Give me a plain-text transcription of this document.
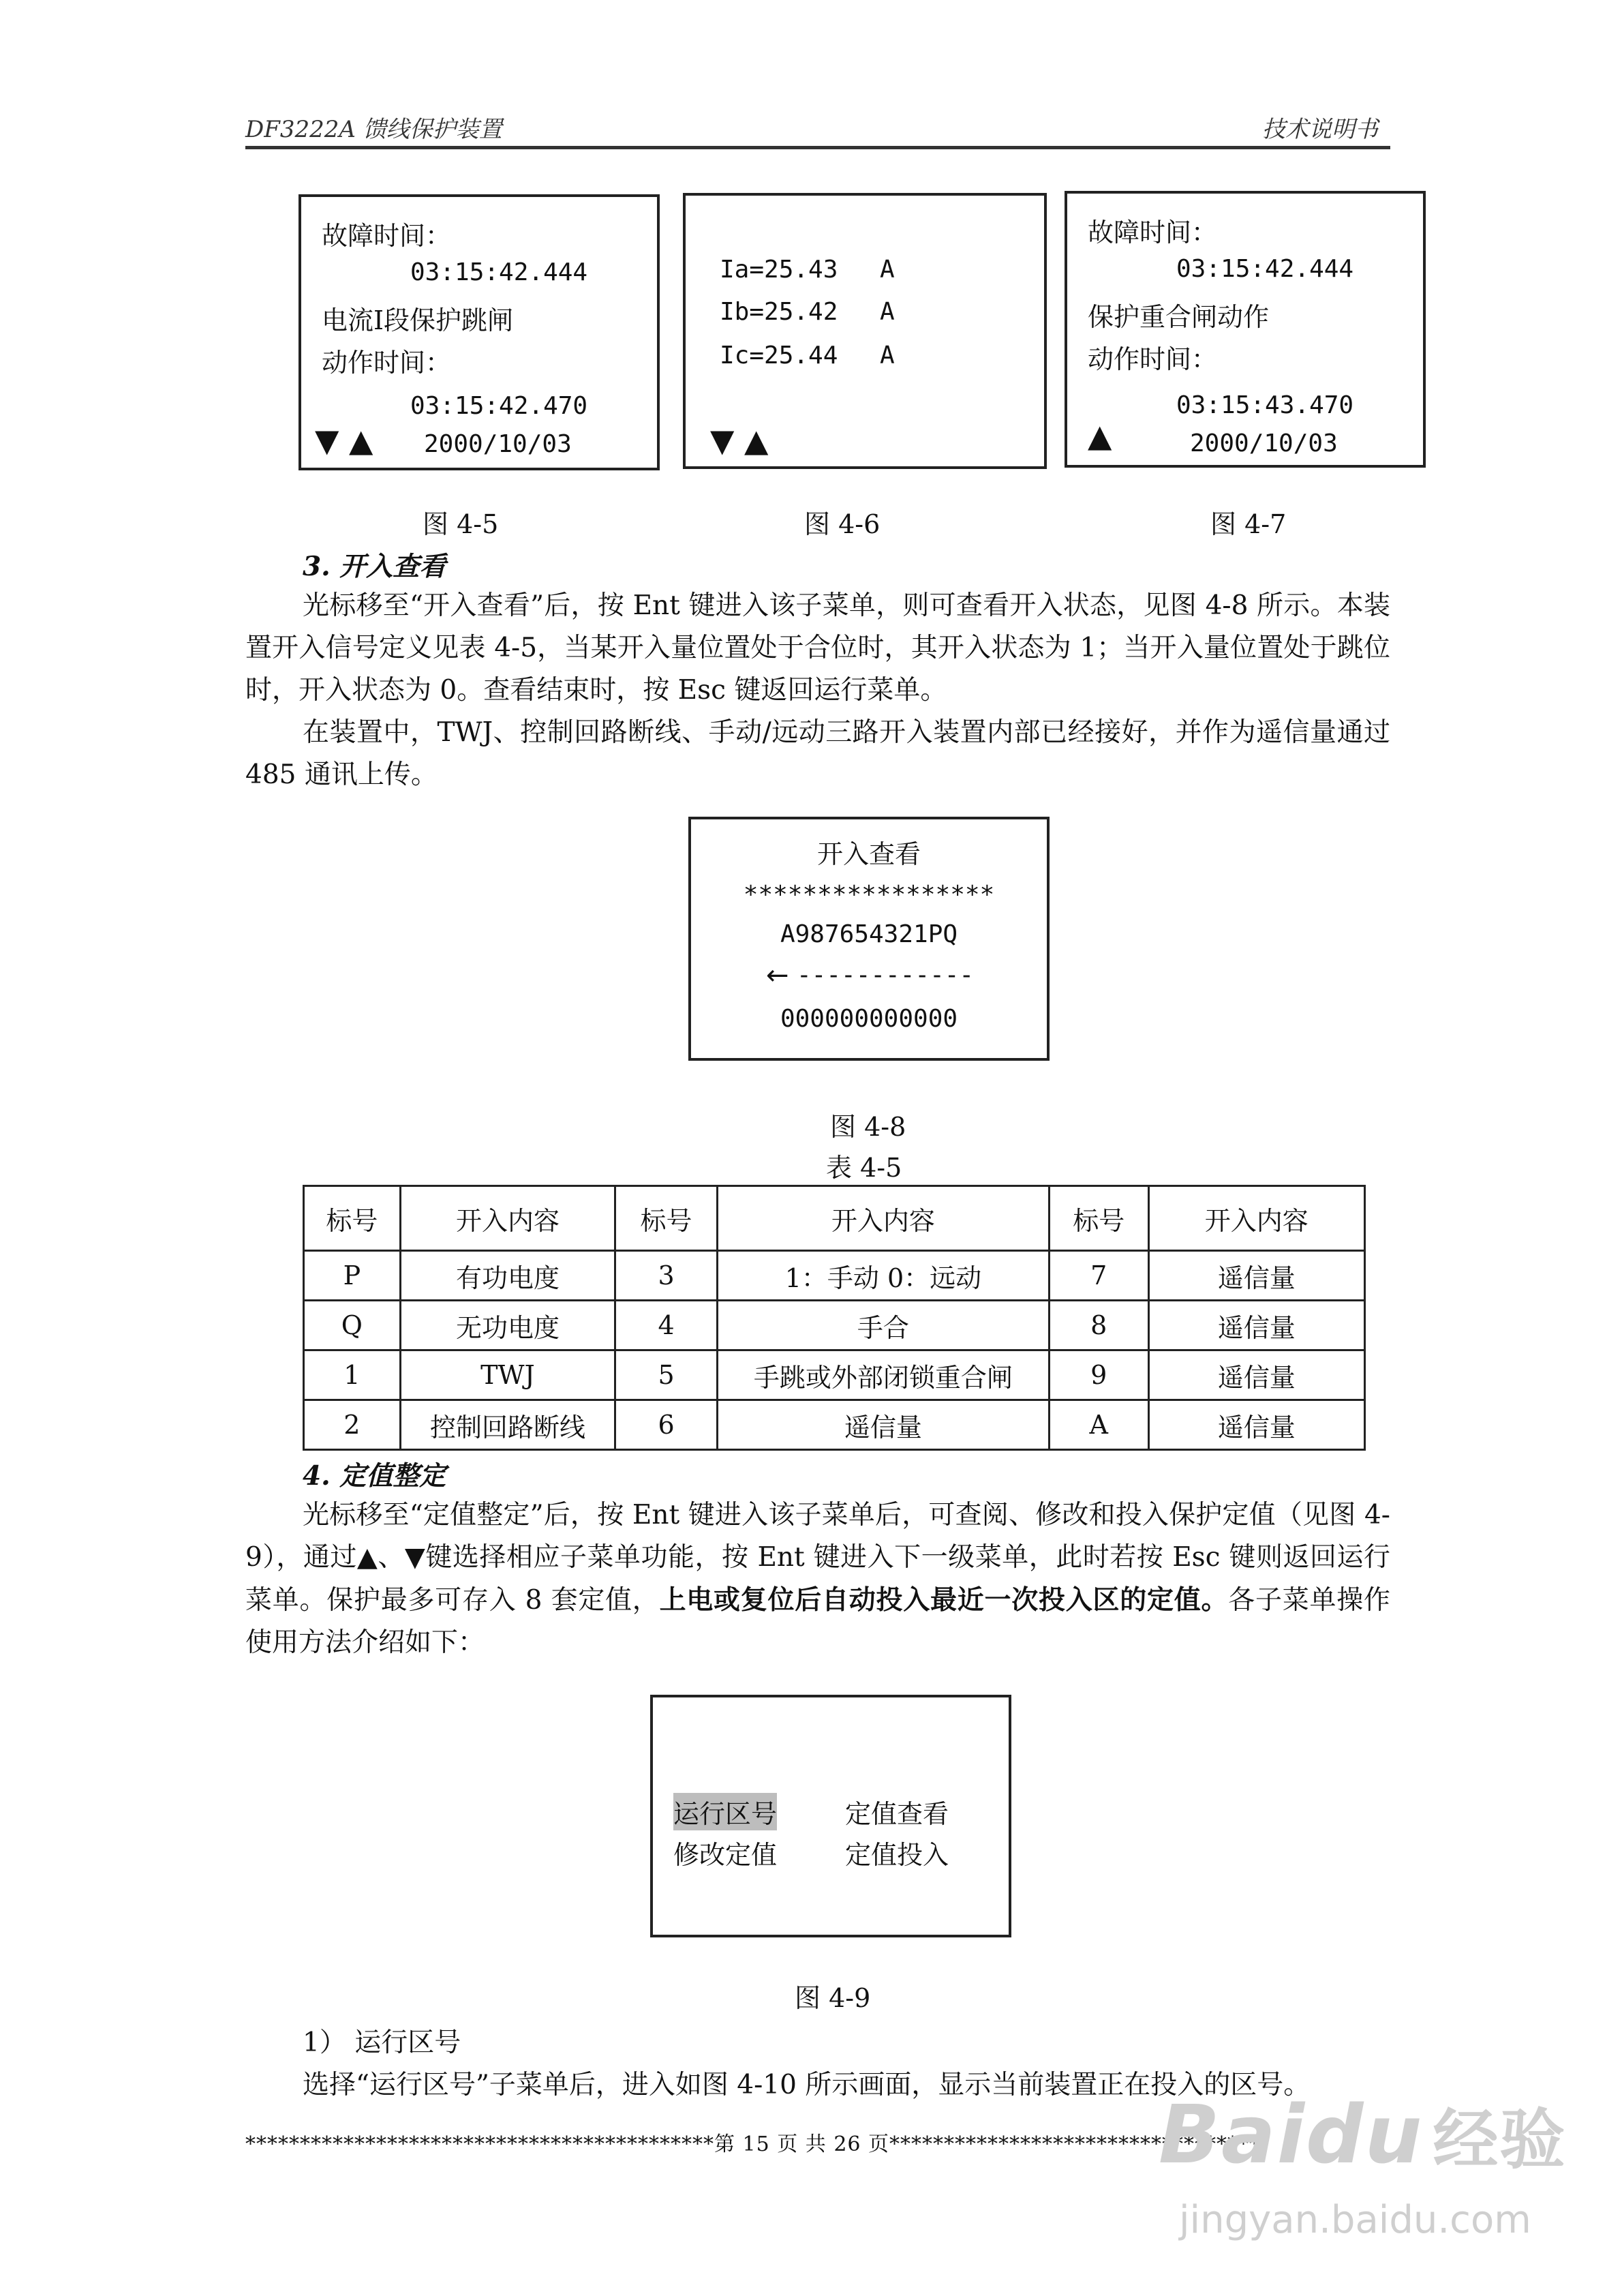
DF3222A 馈线保护装置	技术说明书
故障时间：
03:15:42.444
电流Ⅰ段保护跳闸
动作时间：
03:15:42.470
▼ ▲ 2000/10/03
图 4-5
Ia=25.43 A
Ib=25.42 A
Ic=25.44 A
▼ ▲
图 4-6
故障时间：
03:15:42.444
保护重合闸动作
动作时间：
03:15:43.470
▲	2000/10/03
图 4-7
3. 开入查看

光标移至“开入查看”后，按 Ent 键进入该子菜单，则可查看开入状态，见图 4-8 所示。本装置开入信号定义见表 4-5，当某开入量位置处于合位时，其开入状态为 1；当开入量位置处于跳位时，开入状态为 0。查看结束时，按 Esc 键返回运行菜单。

在装置中，TWJ、控制回路断线、手动/远动三路开入装置内部已经接好，并作为遥信量通过 485 通讯上传。

开入查看
*****************
A987654321PQ
← ------------
000000000000
图 4-8
表 4-5
标号	开入内容	标号	开入内容	标号	开入内容
P	有功电度	3	1：手动 0：远动	7	遥信量
Q	无功电度	4	手合	8	遥信量
1	TWJ	5	手跳或外部闭锁重合闸	9	遥信量
2	控制回路断线	6	遥信量	A	遥信量
4. 定值整定

光标移至“定值整定”后，按 Ent 键进入该子菜单后，可查阅、修改和投入保护定值（见图 4-9），通过▲、▼键选择相应子菜单功能，按 Ent 键进入下一级菜单，此时若按 Esc 键则返回运行菜单。保护最多可存入 8 套定值，上电或复位后自动投入最近一次投入区的定值。各子菜单操作使用方法介绍如下：

运行区号	定值查看
修改定值	定值投入
图 4-9
1） 运行区号
选择“运行区号”子菜单后，进入如图 4-10 所示画面，显示当前装置正在投入的区号。
*******************************************第 15 页 共 26 页**********************************
Baidu 经验
jingyan.baidu.com
